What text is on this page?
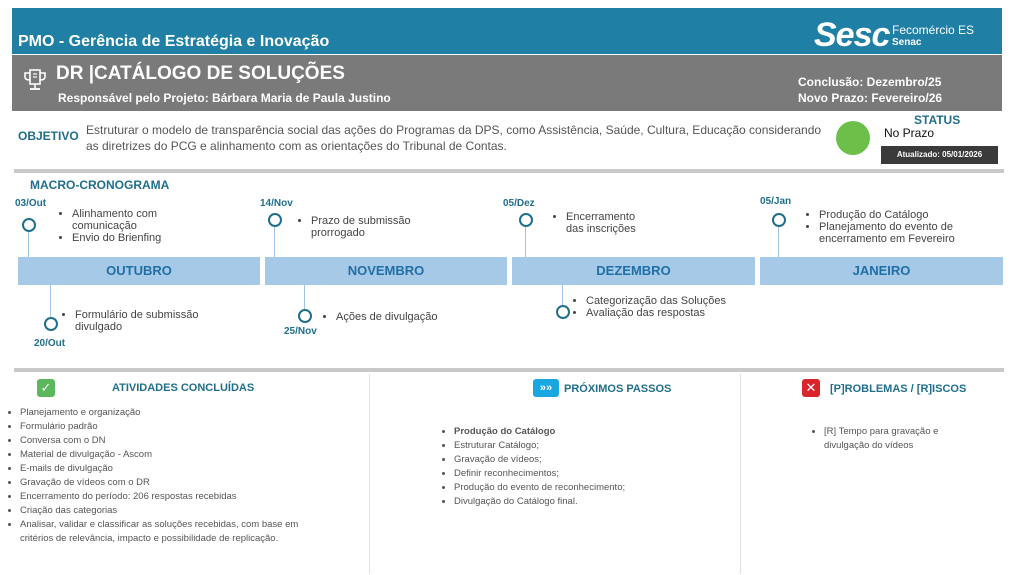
PMO - Gerência de Estratégia e Inovação	Sesc Fecomércio ES
Senac
DR |CATÁLOGO DE SOLUÇÕES
Responsável pelo Projeto: Bárbara Maria de Paula Justino
Conclusão: Dezembro/25
Novo Prazo: Fevereiro/26
OBJETIVO Estruturar o modelo de transparência social das ações do Programas da DPS, como Assistência, Saúde, Cultura, Educação considerando as diretrizes do PCG e alinhamento com as orientações do Tribunal de Contas.
STATUS
No Prazo
Atualizado: 05/01/2026
MACRO-CRONOGRAMA
OUTUBRO	NOVEMBRO	DEZEMBRO	JANEIRO
03/Out
• Alinhamento com comunicação
• Envio do Brienfing
14/Nov
• Prazo de submissão prorrogado
05/Dez
• Encerramento das inscrições
05/Jan
• Produção do Catálogo
• Planejamento do evento de encerramento em Fevereiro
20/Out
• Formulário de submissão divulgado	25/Nov
• Ações de divulgação
• Categorização das Soluções
• Avaliação das respostas
✓	ATIVIDADES CONCLUÍDAS
• Planejamento e organização
• Formulário padrão
• Conversa com o DN
• Material de divulgação - Ascom
• E-mails de divulgação
• Gravação de vídeos com o DR
• Encerramento do período: 206 respostas recebidas
• Criação das categorias
• Analisar, validar e classificar as soluções recebidas, com base em critérios de relevância, impacto e possibilidade de replicação.
»»	PRÓXIMOS PASSOS
• Produção do Catálogo
• Estruturar Catálogo;
• Gravação de vídeos;
• Definir reconhecimentos;
• Produção do evento de reconhecimento;
• Divulgação do Catálogo final.
✕	[P]ROBLEMAS / [R]ISCOS
• [R] Tempo para gravação e divulgação do vídeos
